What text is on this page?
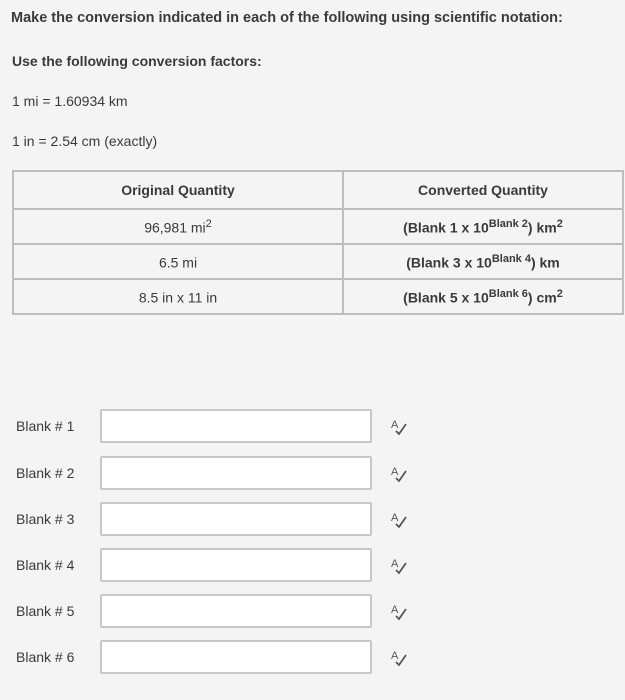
Make the conversion indicated in each of the following using scientific notation:
Use the following conversion factors:
1 mi = 1.60934 km
1 in = 2.54 cm (exactly)
Original Quantity	Converted Quantity
96,981 $mi^2$	(Blank 1 x $10^{Blank 2}$) $km^2$
6.5 mi	(Blank 3 x $10^{Blank 4}$) km
8.5 in x 11 in	(Blank 5 x $10^{Blank 6}$) $cm^2$
Blank # 1	A
Blank # 2	A
Blank # 3	A
Blank # 4	A
Blank # 5	A
Blank # 6	A
